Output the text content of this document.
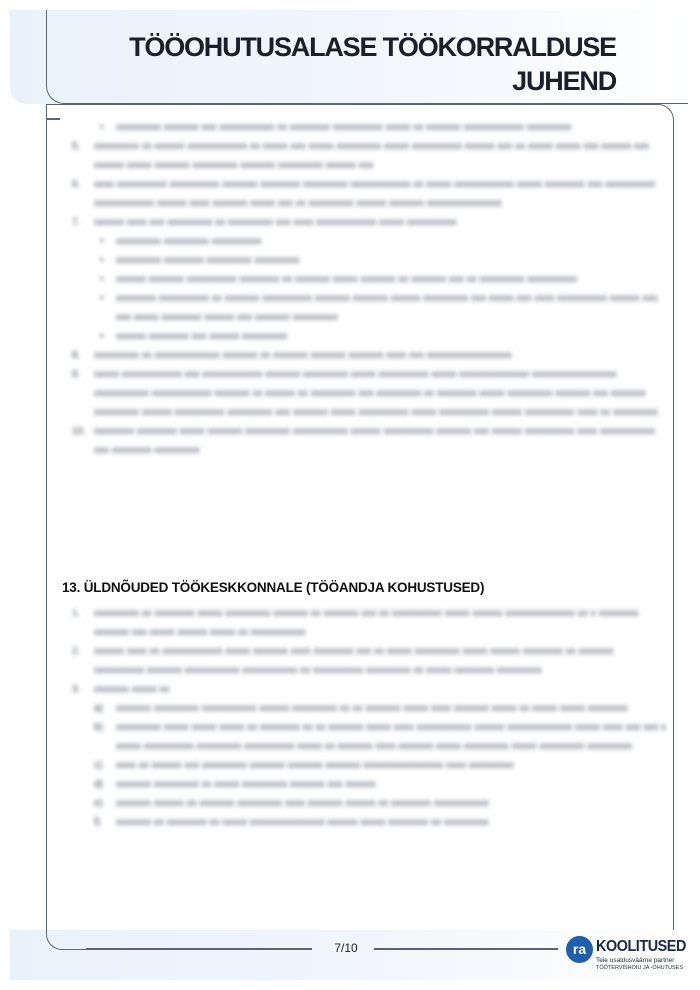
TÖÖOHUTUSALASE TÖÖKORRALDUSE
JUHEND
• xxxxxxxxx xxxxxxx xxx xxxxxxxxxxx xx xxxxxxxx xxxxxxxxxx xxxxx xx xxxxxxx xxxxxxxxxxxx xxxxxxxxx
5. xxxxxxxxx xx xxxxxx xxxxxxxxxxxx xx xxxxx xxx xxxxx xxxxxxxxx xxxxx xxxxxxxxxx xxxxxx xxx xx xxxxx xxxxx xxx xxxxxx xxx xxxxxx xxxxx xxxxxxx xxxxxxxxx xxxxxxx xxxxxxxxx xxxxxx xxx
6. xxxx xxxxxxxxxx xxxxxxxxxx xxxxxxx xxxxxxxx xxxxxxxxx xxxxxxxxxxxx xx xxxxx xxxxxxxxxxxx xxxxx xxxxxxxx xxx xxxxxxxxxx xxxxxxxxxxxx xxxxxx xxxx xxxxxxx xxxxx xxx xx xxxxxxxxx xxxxxx xxxxxxx xxxxxxxxxxxxxxx
7. xxxxxx xxxx xxx xxxxxxxxx xx xxxxxxxxx xxx xxxx xxxxxxxxxxxx xxxxx xxxxxxxxxx
• xxxxxxxxx xxxxxxxxx xxxxxxxxxx
• xxxxxxxxx xxxxxxxx xxxxxxxxx xxxxxxxxx
• xxxxxx xxxxxxx xxxxxxxxxx xxxxxxxx xx xxxxxxx xxxxx xxxxxxx xx xxxxxxx xxx xx xxxxxxxxx xxxxxxxxxx
• xxxxxxxx xxxxxxxxxx xx xxxxxxx xxxxxxxxxx xxxxxxx xxxxxxx xxxxxx xxxxxxxxx xxx xxxxx xxx xxxx xxxxxxxxxx xxxxxx xxx xxx xxxxx xxxxxxxx xxxxxx xxx xxxxxxx xxxxxxxxx
• xxxxxx xxxxxxxx xxx xxxxxx xxxxxxxxx
8. xxxxxxxxx xx xxxxxxxxxxxxx xxxxxxx xx xxxxxxx xxxxxxx xxxxxxx xxxx xxx xxxxxxxxxxxxxxxxx
9. xxxxx xxxxxxxxxxxx xxx xxxxxxxxxxxx xxxxxxx xxxxxxxxx xxxxx xxxxxxxxxx xxxxx xxxxxxxxxxxxxx xxxxxxxxxxxxxxxxx xxxxxxxxxxx xxxxxxxxxxxx xxxxxxx xx xxxxxx xx xxxxxxxxx xxx xxxxxxxxx xx xxxxxxxx xxxxx xxxxxxxxx xxxxxxx xxx xxxxxxx xxxxxxxxx xxxxxx xxxxxxxxxx xxxxxxxxx xxx xxxxxxx xxxxx xxxxxxxxxx xxxxx xxxxxxxxxx xxxxxx xxxxxxxxxx xxxx xx xxxxxxxxx
10. xxxxxxxx xxxxxxxx xxxxx xxxxxxx xxxxxxxxx xxxxxxxxxxx xxxxxx xxxxxxxxxx xxxxxxx xxx xxxxxx xxxxxxxxxx xxxx xxxxxxxxxxx xxx xxxxxxxx xxxxxxxxx
13. ÜLDNÕUDED TÖÖKESKKONNALE (TÖÖANDJA KOHUSTUSED)
1. xxxxxxxxx xx xxxxxxxx xxxxx xxxxxxxxx xxxxxxx xx xxxxxxx xxx xx xxxxxxxxxx xxxxx xxxxxx xxxxxxxxxxxxxx xx x xxxxxxxx xxxxxxx xxx xxxxx xxxxxx xxxxx xx xxxxxxxxxxx
2. xxxxxx xxxx xx xxxxxxxxxxxx xxxxx xxxxxxx xxxx xxxxxxxx xxx xx xxxxx xxxxxxxxx xxxxx xxxxxx xxxxxxxx xx xxxxxxx xxxxxxxxxx xxxxxxx xxxxxxxxxxx xxxxxxxxxxx xx xxxxxxxxxx xxxxxxxxx xx xxxxx xxxxxxxx xxxxxxxxx
3. xxxxxxx xxxxx xx
a) xxxxxxx xxxxxxxxx xxxxxxxxxxx xxxxxx xxxxxxxxx xx xx xxxxxxx xxxxx xxxx xxxxxxx xxxxx xx xxxxx xxxxx xxxxxxxx
b) xxxxxxxxx xxxxx xxxxx xxxxx xx xxxxxxxx xx xx xxxxxxx xxxxx xxxx xxxxxxxxxxx xxxxxx xxxxxxxxxxxxx xxxxx xxxx xxx xxx x xxxxx xxxxxxxxxx xxxxxxxxx xxxxxxxxxx xxxxx xx xxxxxxx xxxx xxxxxxx xxxxx xxxxxxxxx xxxxx xxxxxxxxx xxxxxxxxx
c) xxxx xx xxxxxx xxx xxxxxxxxx xxxxxxx xxxxxxx xxxxxxx xxxxxxxxxxxxxxxx xxxx xxxxxxxxx
d) xxxxxxx xxxxxxxxx xx xxxxx xxxxxxxxx xxxxxxx xxx xxxxxx
e) xxxxxxx xxxxxx xx xxxxxxx xxxxxxxxx xxxx xxxxxxx xxxxxx xx xxxxxxxx xxxxxxxxxxx
f) xxxxxxx xx xxxxxxxx xx xxxxx xxxxxxxxxxxxxxx xxxxxx xxxxx xxxxxxxx xx xxxxxxxxx
7/10	ra KOOLITUSED
Teie usaldusväärne partner
TÖÖTERVISHOIU JA -OHUTUSES
